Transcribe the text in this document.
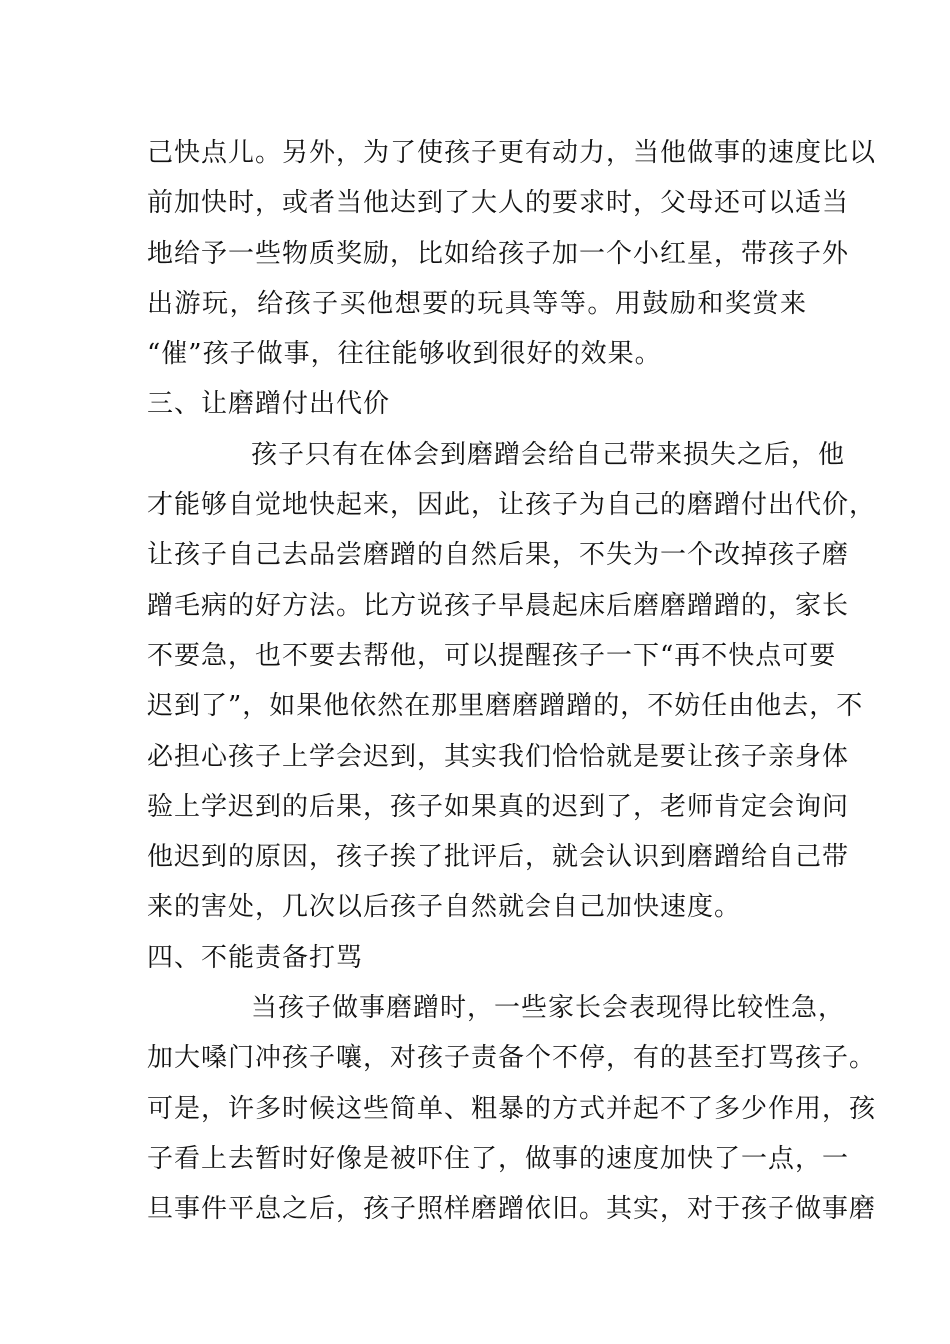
己快点儿。另外，为了使孩子更有动力，当他做事的速度比以
前加快时，或者当他达到了大人的要求时，父母还可以适当
地给予一些物质奖励，比如给孩子加一个小红星，带孩子外
出游玩，给孩子买他想要的玩具等等。用鼓励和奖赏来
“催”孩子做事，往往能够收到很好的效果。
三、让磨蹭付出代价
孩子只有在体会到磨蹭会给自己带来损失之后，他
才能够自觉地快起来，因此，让孩子为自己的磨蹭付出代价，
让孩子自己去品尝磨蹭的自然后果，不失为一个改掉孩子磨
蹭毛病的好方法。比方说孩子早晨起床后磨磨蹭蹭的，家长
不要急，也不要去帮他，可以提醒孩子一下“再不快点可要
迟到了”，如果他依然在那里磨磨蹭蹭的，不妨任由他去，不
必担心孩子上学会迟到，其实我们恰恰就是要让孩子亲身体
验上学迟到的后果，孩子如果真的迟到了，老师肯定会询问
他迟到的原因，孩子挨了批评后，就会认识到磨蹭给自己带
来的害处，几次以后孩子自然就会自己加快速度。
四、不能责备打骂
当孩子做事磨蹭时，一些家长会表现得比较性急，
加大嗓门冲孩子嚷，对孩子责备个不停，有的甚至打骂孩子。
可是，许多时候这些简单、粗暴的方式并起不了多少作用，孩
子看上去暂时好像是被吓住了，做事的速度加快了一点，一
旦事件平息之后，孩子照样磨蹭依旧。其实，对于孩子做事磨
